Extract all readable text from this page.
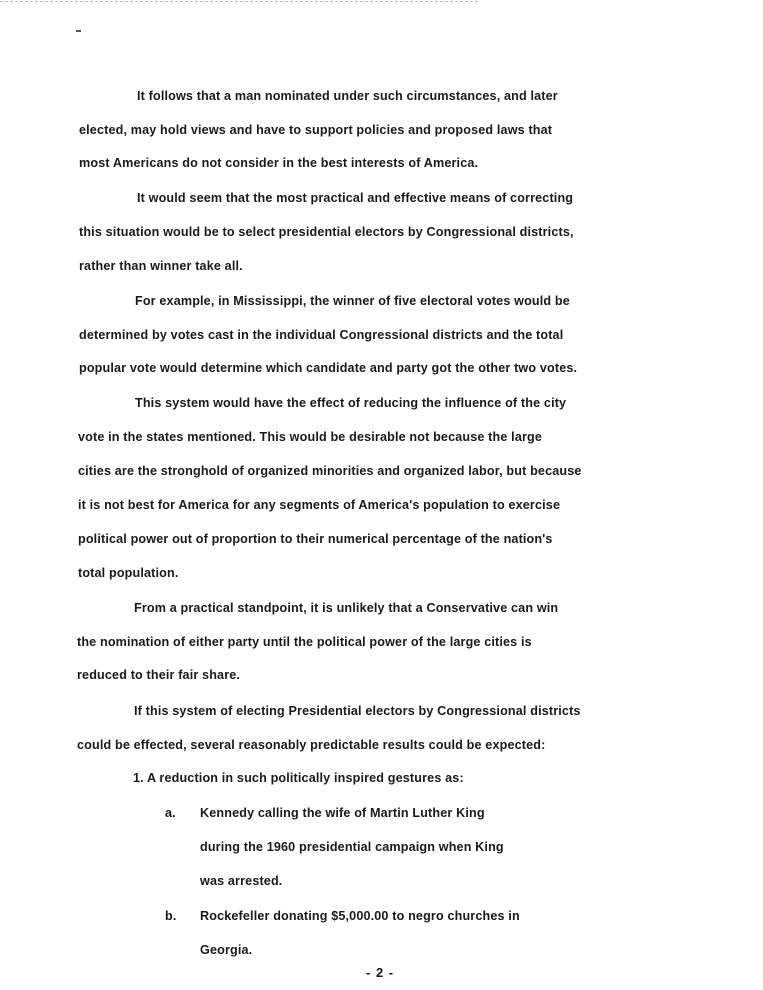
It follows that a man nominated under such circumstances, and later
elected, may hold views and have to support policies and proposed laws that
most Americans do not consider in the best interests of America.
It would seem that the most practical and effective means of correcting
this situation would be to select presidential electors by Congressional districts,
rather than winner take all.
For example, in Mississippi, the winner of five electoral votes would be
determined by votes cast in the individual Congressional districts and the total
popular vote would determine which candidate and party got the other two votes.
This system would have the effect of reducing the influence of the city
vote in the states mentioned. This would be desirable not because the large
cities are the stronghold of organized minorities and organized labor, but because
it is not best for America for any segments of America's population to exercise
political power out of proportion to their numerical percentage of the nation's
total population.
From a practical standpoint, it is unlikely that a Conservative can win
the nomination of either party until the political power of the large cities is
reduced to their fair share.
If this system of electing Presidential electors by Congressional districts
could be effected, several reasonably predictable results could be expected:
1. A reduction in such politically inspired gestures as:
a. Kennedy calling the wife of Martin Luther King
during the 1960 presidential campaign when King
was arrested.
b. Rockefeller donating $5,000.00 to negro churches in
Georgia.
- 2 -
